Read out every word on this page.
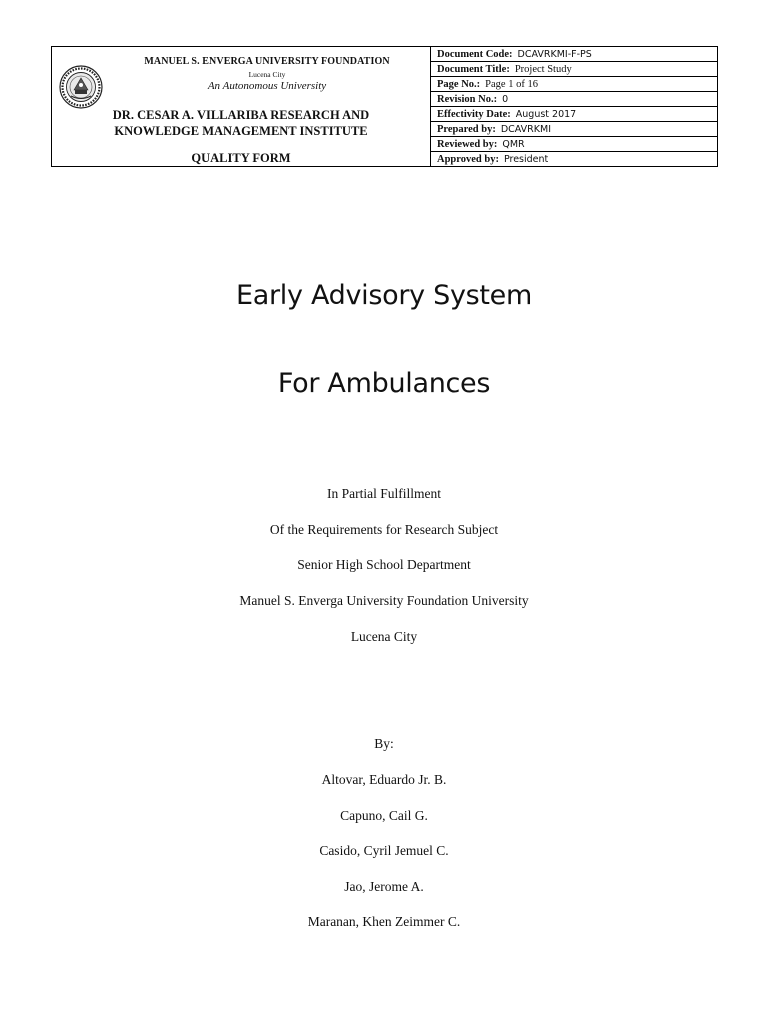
MANUEL S. ENVERGA UNIVERSITY FOUNDATION
Lucena City
An Autonomous University
DR. CESAR A. VILLARIBA RESEARCH AND
KNOWLEDGE MANAGEMENT INSTITUTE
QUALITY FORM
Document Code : DCAVRKMI-F-PS
Document Title : Project Study
Page No. : Page 1 of 16
Revision No. : 0
Effectivity Date : August 2017
Prepared by : DCAVRKMI
Reviewed by : QMR
Approved by : President
Early Advisory System
For Ambulances
In Partial Fulfillment
Of the Requirements for Research Subject
Senior High School Department
Manuel S. Enverga University Foundation University
Lucena City
By:
Altovar, Eduardo Jr. B.
Capuno, Cail G.
Casido, Cyril Jemuel C.
Jao, Jerome A.
Maranan, Khen Zeimmer C.
